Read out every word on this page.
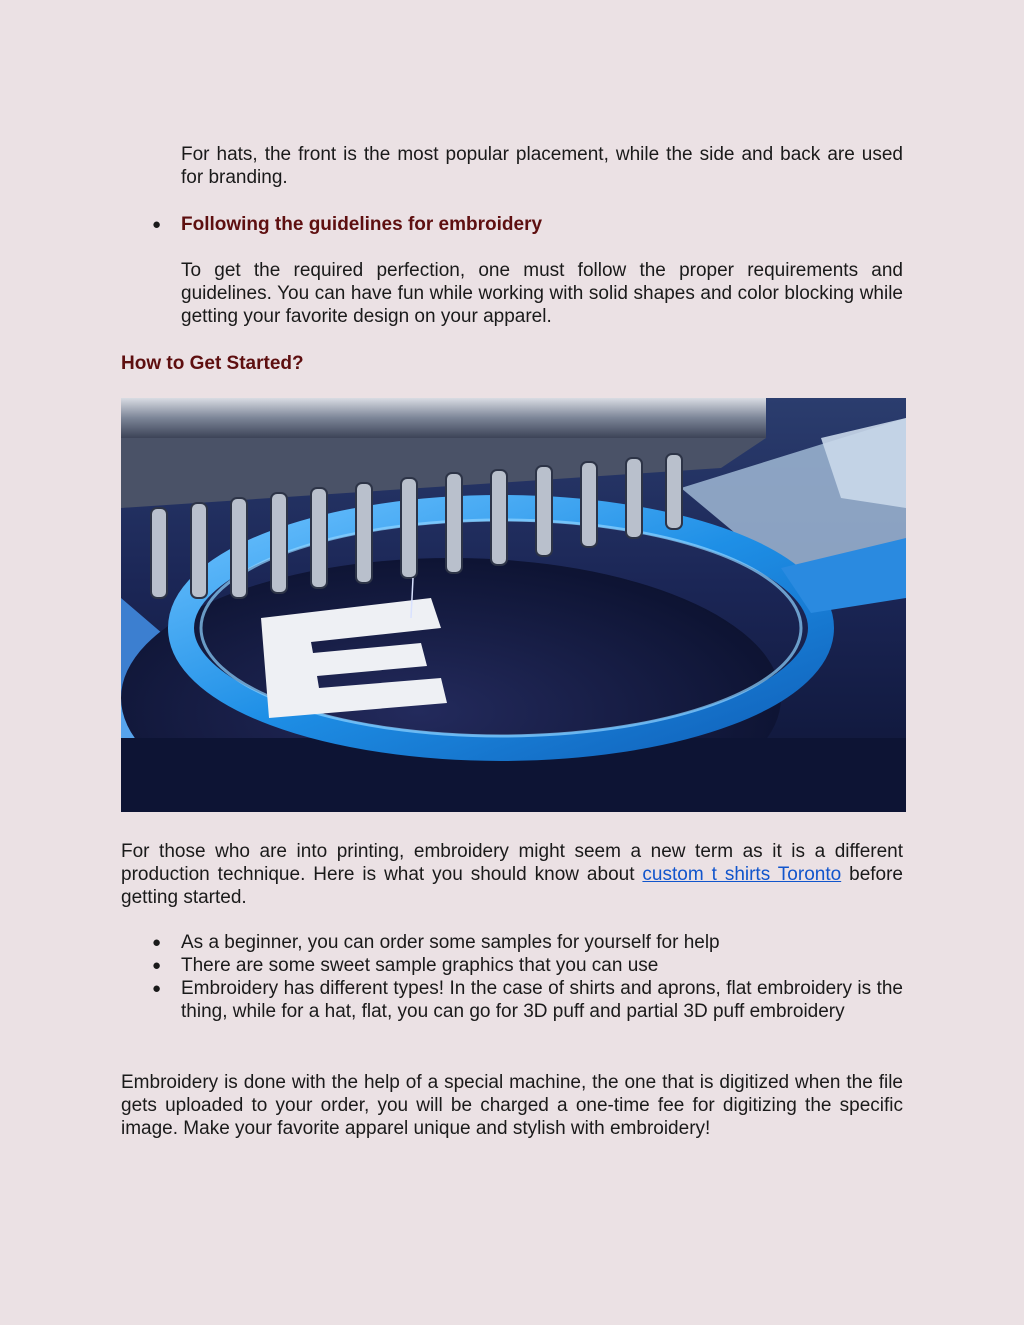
For hats, the front is the most popular placement, while the side and back are used for branding.

● Following the guidelines for embroidery

To get the required perfection, one must follow the proper requirements and guidelines. You can have fun while working with solid shapes and color blocking while getting your favorite design on your apparel.

How to Get Started?

For those who are into printing, embroidery might seem a new term as it is a different production technique. Here is what you should know about custom t shirts Toronto before getting started.

● As a beginner, you can order some samples for yourself for help
● There are some sweet sample graphics that you can use
● Embroidery has different types! In the case of shirts and aprons, flat embroidery is the thing, while for a hat, flat, you can go for 3D puff and partial 3D puff embroidery

Embroidery is done with the help of a special machine, the one that is digitized when the file gets uploaded to your order, you will be charged a one-time fee for digitizing the specific image. Make your favorite apparel unique and stylish with embroidery!
